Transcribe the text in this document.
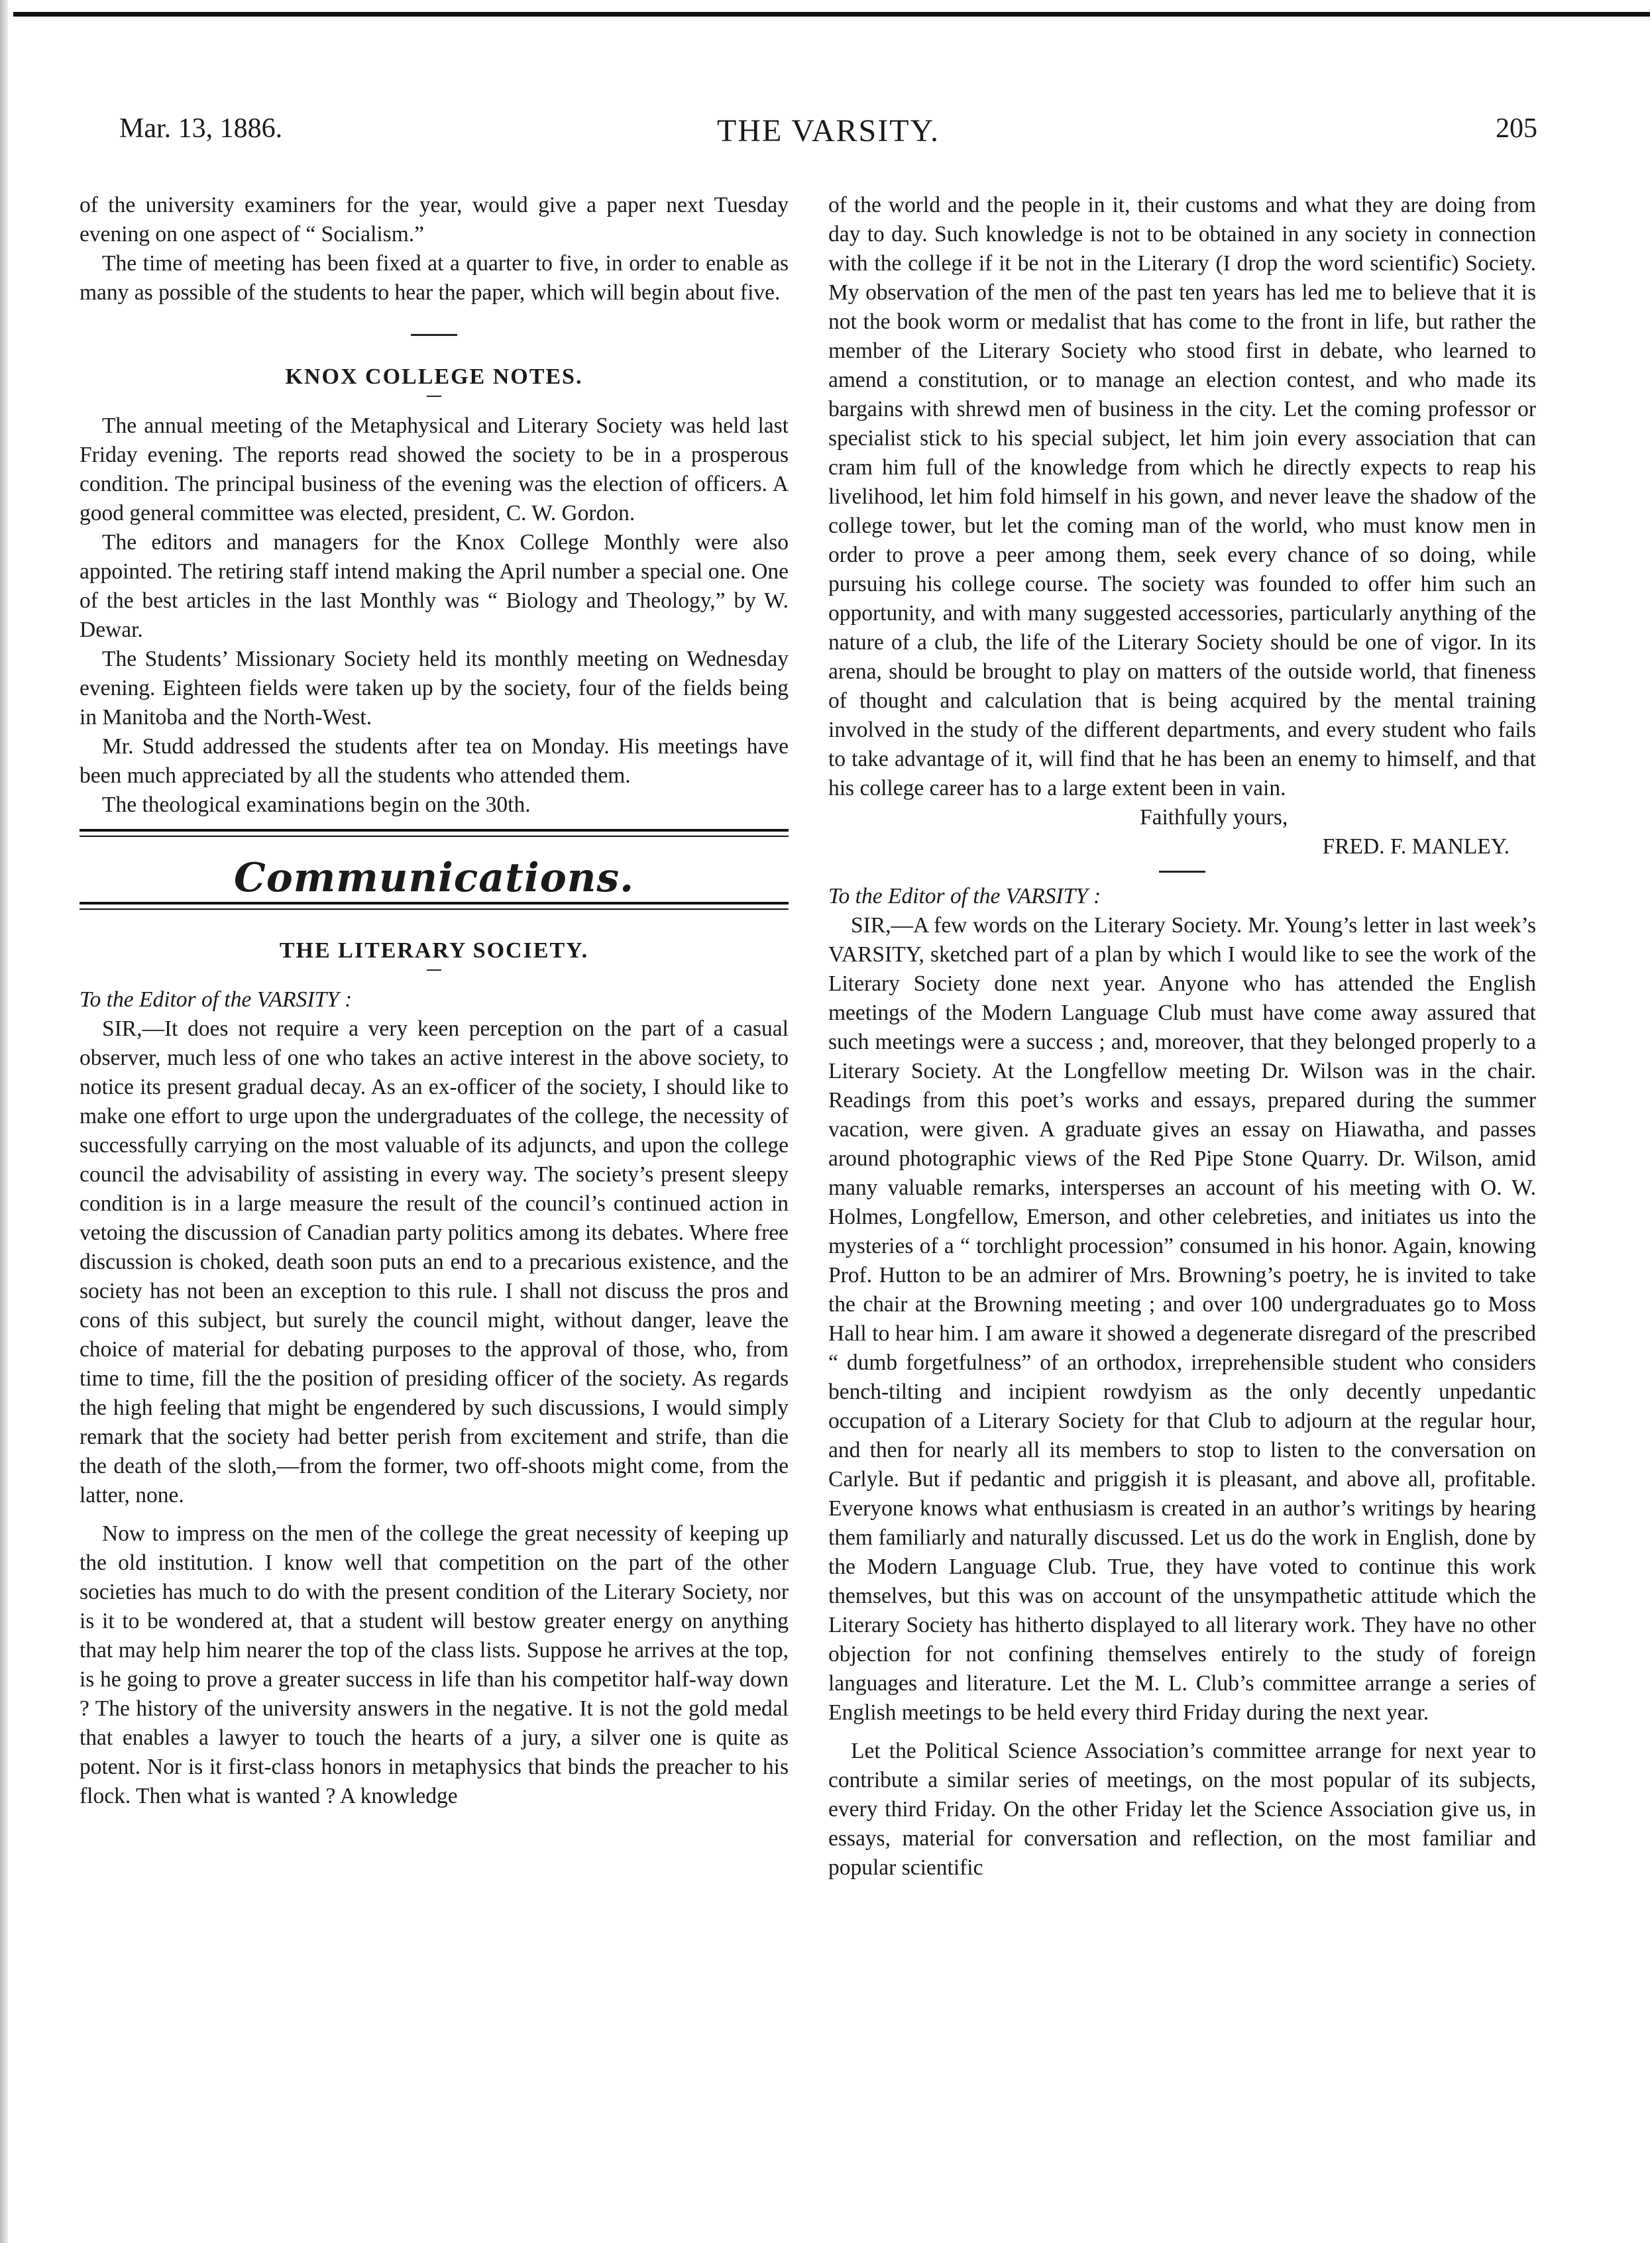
THE VARSITY.
Mar. 13, 1886.	205

of the university examiners for the year, would give a paper next Tuesday evening on one aspect of “ Socialism.”

The time of meeting has been fixed at a quarter to five, in order to enable as many as possible of the students to hear the paper, which will begin about five.

KNOX COLLEGE NOTES.

The annual meeting of the Metaphysical and Literary Society was held last Friday evening. The reports read showed the society to be in a prosperous condition. The principal business of the evening was the election of officers. A good general committee was elected, president, C. W. Gordon.

The editors and managers for the Knox College Monthly were also appointed. The retiring staff intend making the April number a special one. One of the best articles in the last Monthly was “ Biology and Theology,” by W. Dewar.

The Students’ Missionary Society held its monthly meeting on Wednesday evening. Eighteen fields were taken up by the society, four of the fields being in Manitoba and the North-West.

Mr. Studd addressed the students after tea on Monday. His meetings have been much appreciated by all the students who attended them.

The theological examinations begin on the 30th.

Communications.
THE LITERARY SOCIETY.

To the Editor of the VARSITY :

SIR,—It does not require a very keen perception on the part of a casual observer, much less of one who takes an active interest in the above society, to notice its present gradual decay. As an ex-officer of the society, I should like to make one effort to urge upon the undergraduates of the college, the necessity of successfully carrying on the most valuable of its adjuncts, and upon the college council the advisability of assisting in every way. The society’s present sleepy condition is in a large measure the result of the council’s continued action in vetoing the discussion of Canadian party politics among its debates. Where free discussion is choked, death soon puts an end to a precarious existence, and the society has not been an exception to this rule. I shall not discuss the pros and cons of this subject, but surely the council might, without danger, leave the choice of material for debating purposes to the approval of those, who, from time to time, fill the the position of presiding officer of the society. As regards the high feeling that might be engendered by such discussions, I would simply remark that the society had better perish from excitement and strife, than die the death of the sloth,—from the former, two off-shoots might come, from the latter, none.

Now to impress on the men of the college the great necessity of keeping up the old institution. I know well that competition on the part of the other societies has much to do with the present condition of the Literary Society, nor is it to be wondered at, that a student will bestow greater energy on anything that may help him nearer the top of the class lists. Suppose he arrives at the top, is he going to prove a greater success in life than his competitor half-way down ? The history of the university answers in the negative. It is not the gold medal that enables a lawyer to touch the hearts of a jury, a silver one is quite as potent. Nor is it first-class honors in metaphysics that binds the preacher to his flock. Then what is wanted ? A knowledge

of the world and the people in it, their customs and what they are doing from day to day. Such knowledge is not to be obtained in any society in connection with the college if it be not in the Literary (I drop the word scientific) Society. My observation of the men of the past ten years has led me to believe that it is not the book worm or medalist that has come to the front in life, but rather the member of the Literary Society who stood first in debate, who learned to amend a constitution, or to manage an election contest, and who made its bargains with shrewd men of business in the city. Let the coming professor or specialist stick to his special subject, let him join every association that can cram him full of the knowledge from which he directly expects to reap his livelihood, let him fold himself in his gown, and never leave the shadow of the college tower, but let the coming man of the world, who must know men in order to prove a peer among them, seek every chance of so doing, while pursuing his college course. The society was founded to offer him such an opportunity, and with many suggested accessories, particularly anything of the nature of a club, the life of the Literary Society should be one of vigor. In its arena, should be brought to play on matters of the outside world, that fineness of thought and calculation that is being acquired by the mental training involved in the study of the different departments, and every student who fails to take advantage of it, will find that he has been an enemy to himself, and that his college career has to a large extent been in vain.

Faithfully yours,

FRED. F. MANLEY.

To the Editor of the VARSITY :

SIR,—A few words on the Literary Society. Mr. Young’s letter in last week’s VARSITY, sketched part of a plan by which I would like to see the work of the Literary Society done next year. Anyone who has attended the English meetings of the Modern Language Club must have come away assured that such meetings were a success ; and, moreover, that they belonged properly to a Literary Society. At the Longfellow meeting Dr. Wilson was in the chair. Readings from this poet’s works and essays, prepared during the summer vacation, were given. A graduate gives an essay on Hiawatha, and passes around photographic views of the Red Pipe Stone Quarry. Dr. Wilson, amid many valuable remarks, intersperses an account of his meeting with O. W. Holmes, Longfellow, Emerson, and other celebreties, and initiates us into the mysteries of a “ torchlight procession” consumed in his honor. Again, knowing Prof. Hutton to be an admirer of Mrs. Browning’s poetry, he is invited to take the chair at the Browning meeting ; and over 100 undergraduates go to Moss Hall to hear him. I am aware it showed a degenerate disregard of the prescribed “ dumb forgetfulness” of an orthodox, irreprehensible student who considers bench-tilting and incipient rowdyism as the only decently unpedantic occupation of a Literary Society for that Club to adjourn at the regular hour, and then for nearly all its members to stop to listen to the conversation on Carlyle. But if pedantic and priggish it is pleasant, and above all, profitable. Everyone knows what enthusiasm is created in an author’s writings by hearing them familiarly and naturally discussed. Let us do the work in English, done by the Modern Language Club. True, they have voted to continue this work themselves, but this was on account of the unsympathetic attitude which the Literary Society has hitherto displayed to all literary work. They have no other objection for not confining themselves entirely to the study of foreign languages and literature. Let the M. L. Club’s committee arrange a series of English meetings to be held every third Friday during the next year.

Let the Political Science Association’s committee arrange for next year to contribute a similar series of meetings, on the most popular of its subjects, every third Friday. On the other Friday let the Science Association give us, in essays, material for conversation and reflection, on the most familiar and popular scientific
